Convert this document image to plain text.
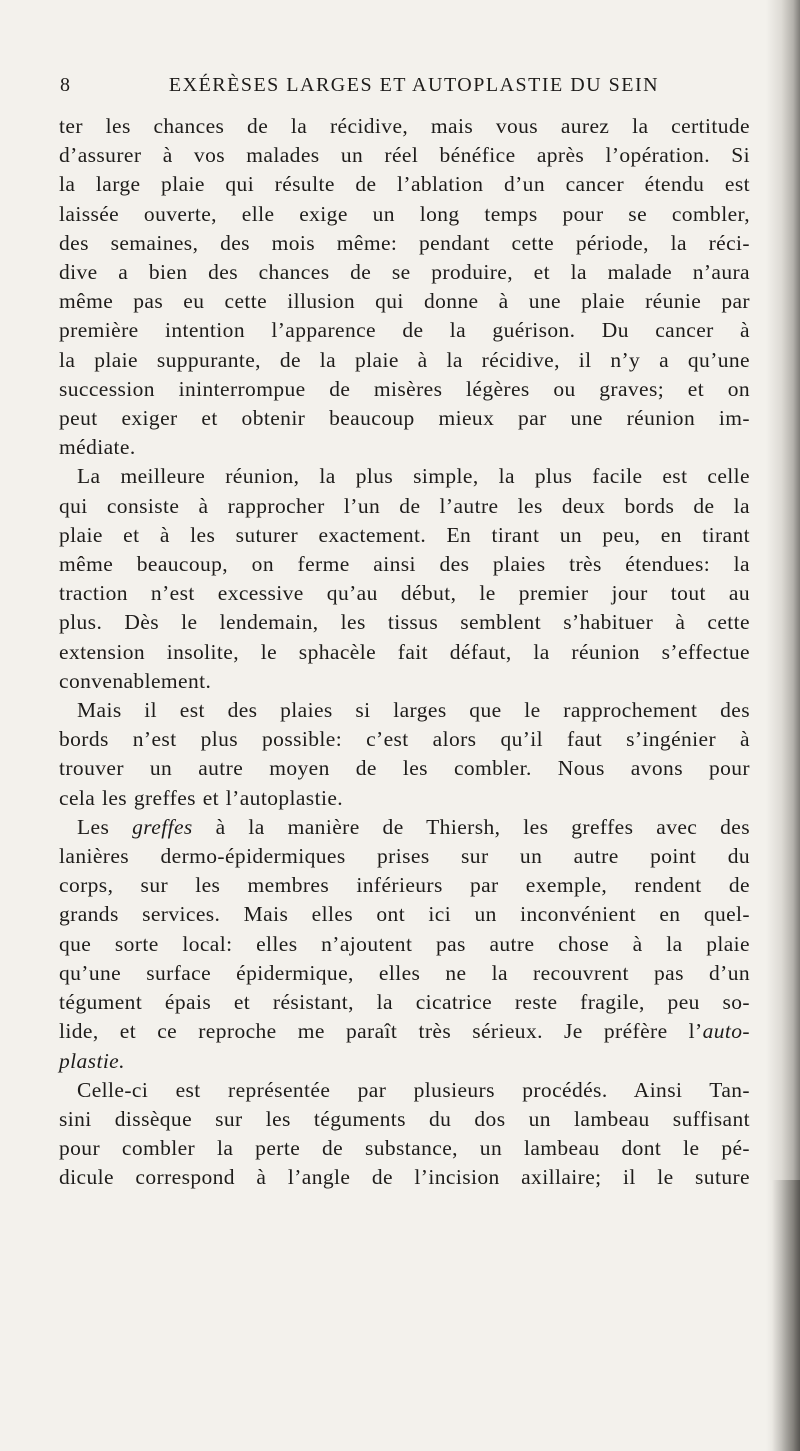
8	EXÉRÈSES LARGES ET AUTOPLASTIE DU SEIN
ter les chances de la récidive, mais vous aurez la certitude
d’assurer à vos malades un réel bénéfice après l’opération. Si
la large plaie qui résulte de l’ablation d’un cancer étendu est
laissée ouverte, elle exige un long temps pour se combler,
des semaines, des mois même: pendant cette période, la réci-
dive a bien des chances de se produire, et la malade n’aura
même pas eu cette illusion qui donne à une plaie réunie par
première intention l’apparence de la guérison. Du cancer à
la plaie suppurante, de la plaie à la récidive, il n’y a qu’une
succession ininterrompue de misères légères ou graves; et on
peut exiger et obtenir beaucoup mieux par une réunion im-
médiate.
La meilleure réunion, la plus simple, la plus facile est celle
qui consiste à rapprocher l’un de l’autre les deux bords de la
plaie et à les suturer exactement. En tirant un peu, en tirant
même beaucoup, on ferme ainsi des plaies très étendues: la
traction n’est excessive qu’au début, le premier jour tout au
plus. Dès le lendemain, les tissus semblent s’habituer à cette
extension insolite, le sphacèle fait défaut, la réunion s’effectue
convenablement.
Mais il est des plaies si larges que le rapprochement des
bords n’est plus possible: c’est alors qu’il faut s’ingénier à
trouver un autre moyen de les combler. Nous avons pour
cela les greffes et l’autoplastie.
Les greffes à la manière de Thiersh, les greffes avec des
lanières dermo-épidermiques prises sur un autre point du
corps, sur les membres inférieurs par exemple, rendent de
grands services. Mais elles ont ici un inconvénient en quel-
que sorte local: elles n’ajoutent pas autre chose à la plaie
qu’une surface épidermique, elles ne la recouvrent pas d’un
tégument épais et résistant, la cicatrice reste fragile, peu so-
lide, et ce reproche me paraît très sérieux. Je préfère l’auto-
plastie.
Celle-ci est représentée par plusieurs procédés. Ainsi Tan-
sini dissèque sur les téguments du dos un lambeau suffisant
pour combler la perte de substance, un lambeau dont le pé-
dicule correspond à l’angle de l’incision axillaire; il le suture
